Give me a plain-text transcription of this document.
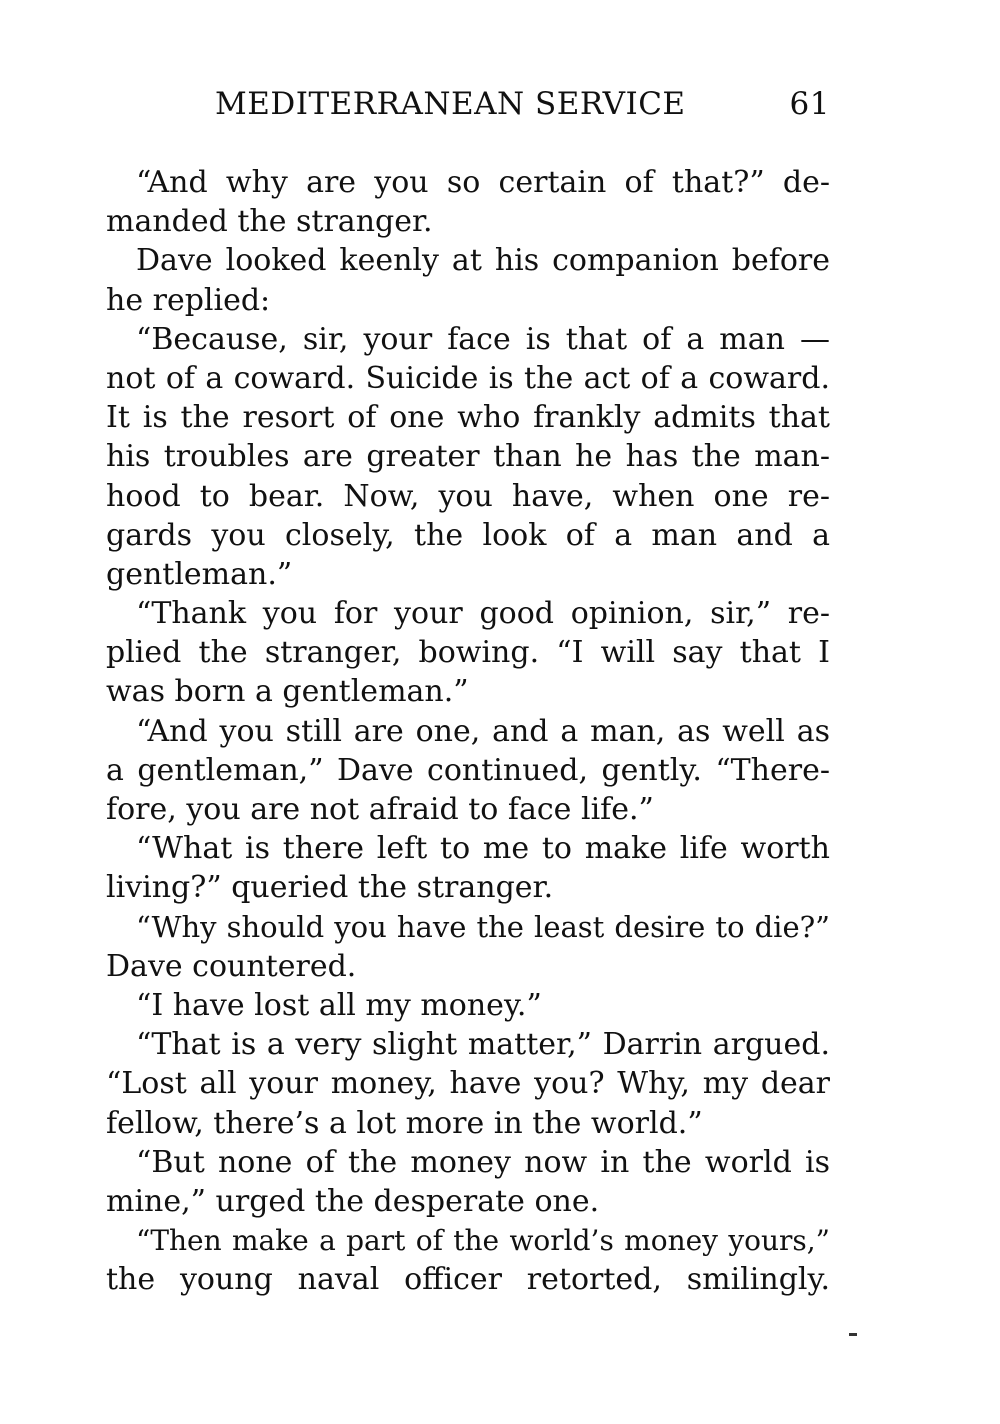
MEDITERRANEAN SERVICE	61
“And why are you so certain of that?” de-
manded the stranger.
Dave looked keenly at his companion before
he replied:
“Because, sir, your face is that of a man —
not of a coward. Suicide is the act of a coward.
It is the resort of one who frankly admits that
his troubles are greater than he has the man-
hood to bear. Now, you have, when one re-
gards you closely, the look of a man and a
gentleman.”
“Thank you for your good opinion, sir,” re-
plied the stranger, bowing. “I will say that I
was born a gentleman.”
“And you still are one, and a man, as well as
a gentleman,” Dave continued, gently. “There-
fore, you are not afraid to face life.”
“What is there left to me to make life worth
living?” queried the stranger.
“Why should you have the least desire to die?”
Dave countered.
“I have lost all my money.”
“That is a very slight matter,” Darrin argued.
“Lost all your money, have you? Why, my dear
fellow, there’s a lot more in the world.”
“But none of the money now in the world is
mine,” urged the desperate one.
“Then make a part of the world’s money yours,”
the young naval officer retorted, smilingly.
